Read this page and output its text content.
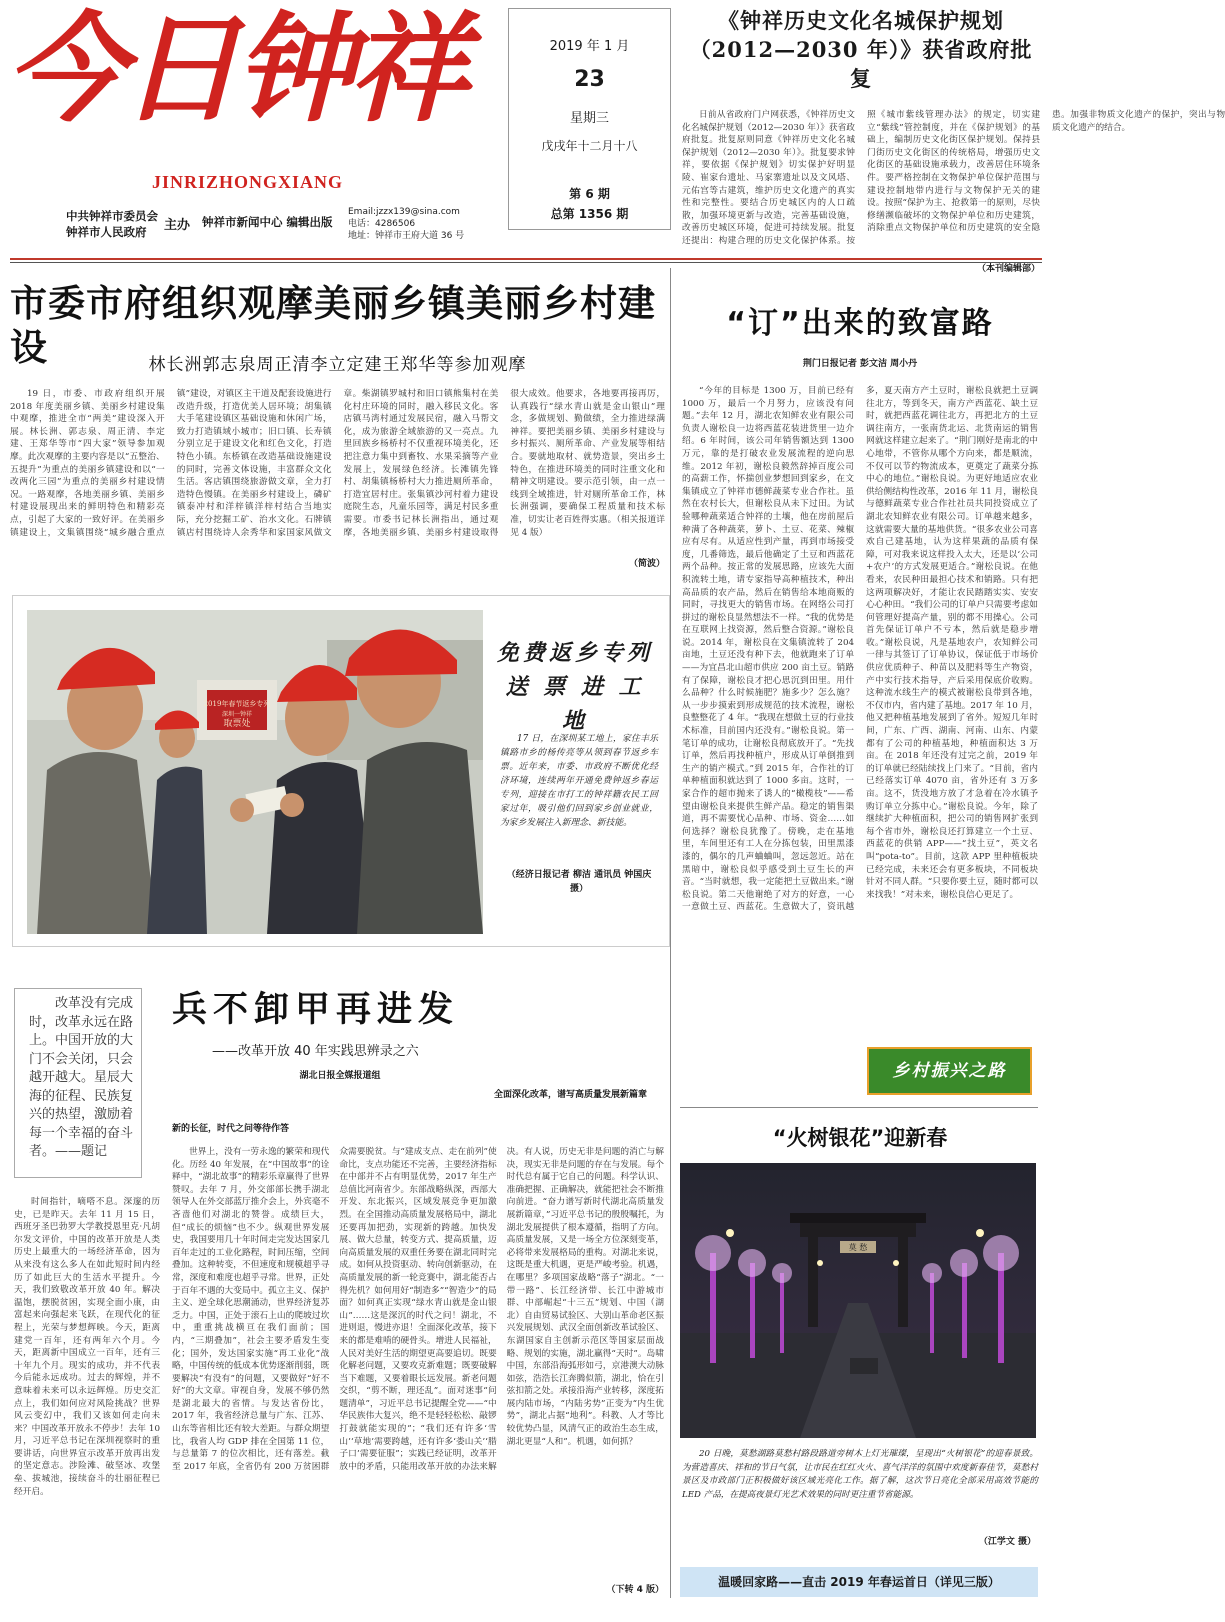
今日钟祥
JINRIZHONGXIANG
中共钟祥市委员会
钟祥市人民政府	主办 钟祥市新闻中心 编辑出版
Email:jzzx139@sina.com
电话：4286506
地址：钟祥市王府大道 36 号
2019 年 1 月
23
星期三
戊戌年十二月十八
第 6 期
总第 1356 期
《钟祥历史文化名城保护规划
（2012—2030 年）》获省政府批复
日前从省政府门户网获悉，《钟祥历史文化名城保护规划（2012—2030 年）》获省政府批复。批复原则同意《钟祥历史文化名城保护规划（2012—2030 年）》。批复要求钟祥，要依据《保护规划》切实保护好明显陵、崔家台遗址、马家寨遗址以及文风塔、元佑宫等古建筑，维护历史文化遗产的真实性和完整性。要结合历史城区内的人口疏散，加强环境更新与改造，完善基础设施，改善历史城区环境，促进可持续发展。批复还提出：构建合理的历史文化保护体系。按照《城市紫线管理办法》的规定，切实建立“紫线”管控制度，并在《保护规划》的基础上，编制历史文化街区保护规划。保持县门街历史文化街区的传统格局，增强历史文化街区的基础设施承载力，改善居住环境条件。要严格控制在文物保护单位保护范围与建设控制地带内进行与文物保护无关的建设。按照“保护为主、抢救第一的原则，尽快修缮濒临破坏的文物保护单位和历史建筑，消除重点文物保护单位和历史建筑的安全隐患。加强非物质文化遗产的保护，突出与物质文化遗产的结合。
（本刊编辑部）
市委市府组织观摩美丽乡镇美丽乡村建设	林长洲郭志泉周正清李立定建王郑华等参加观摩
19 日，市委、市政府组织开展 2018 年度美丽乡镇、美丽乡村建设集中观摩，推进全市“两美”建设深入开展。林长洲、郭志泉、周正清、李定建、王郑华等市“四大家”领导参加观摩。此次观摩的主要内容是以“五整治、五提升”为重点的美丽乡镇建设和以“一改两化三园”为重点的美丽乡村建设情况。一路观摩，各地美丽乡镇、美丽乡村建设展现出来的鲜明特色和精彩亮点，引起了大家的一致好评。在美丽乡镇建设上，文集镇围绕“城乡融合重点镇”建设，对镇区主干道及配套设施进行改造升级，打造优美人居环境；胡集镇大手笔建设镇区基础设施和休闲广场，致力打造镇域小城市；旧口镇、长寿镇分别立足于建设文化和红色文化，打造特色小镇。东桥镇在改造基础设施建设的同时，完善文体设施，丰富群众文化生活。客店镇围绕旅游做文章，全力打造特色慢镇。在美丽乡村建设上，磷矿镇泰冲村和洋梓镇洋梓村结合当地实际，充分挖掘工矿、治水文化。石牌镇镇店村围绕诗人余秀华和家国家风做文章。柴湖镇罗城村和旧口镇熊集村在美化村庄环境的同时，融入移民文化。客店镇马湾村通过发展民宿，融入马帮文化，成为旅游全域旅游的又一亮点。九里回族乡杨桥村不仅重视环境美化，还把注意力集中到畜牧、水果采摘等产业发展上，发展绿色经济。长滩镇先锋村、胡集镇杨桥村大力推进厕所革命，打造宜居村庄。张集镇沙河村着力建设庭院生态，凡童乐园等，满足村民多重需要。市委书记林长洲指出，通过观摩，各地美丽乡镇、美丽乡村建设取得很大成效。他要求，各地要再接再厉，认真践行“绿水青山就是金山银山”理念，多做规划、勤做绩，全力推进绿满神祥。要把美丽乡镇、美丽乡村建设与乡村振兴、厕所革命、产业发展等相结合。要就地取材、就势造景，突出乡土特色，在推进环境美的同时注重文化和精神文明建设。要示范引领，由一点一线到全域推进，针对厕所革命工作，林长洲强调，要确保工程质量和技术标准，切实让老百姓得实惠。（相关报道详见 4 版）
（简波）
2019年春节返乡专列
深圳一钟祥
取票处
免费返乡专列
送 票 进 工 地
17 日，在深圳某工地上，家住丰乐镇路市乡的杨传亮等从领到春节返乡车票。近年来，市委、市政府不断优化经济环境，连续两年开通免费钟返乡春运专列，迎接在市打工的钟祥籍农民工回家过年，吸引他们回到家乡创业就业，为家乡发展注入新理念、新技能。
（经济日报记者 柳洁 通讯员 钟国庆 摄）
改革没有完成时，改革永远在路上。中国开放的大门不会关闭，只会越开越大。星辰大海的征程、民族复兴的热望，激励着每一个幸福的奋斗者。——题记
兵不卸甲再进发
——改革开放 40 年实践思辨录之六
湖北日报全媒报道组
时间指针，嘀嗒不息。深邃的历史，已是昨天。去年 11 月 15 日，西班牙圣巴勃罗大学教授恩里克·凡胡尔发文评价，中国的改革开放是人类历史上最重大的一场经济革命，因为从来没有这么多人在如此短时间内经历了如此巨大的生活水平提升。今天，我们致敬改革开放 40 年。解决温饱，摆脱贫困，实现全面小康，由富起来向强起来飞跃，在现代化的征程上，光荣与梦想辉映。今天，距离建党一百年，还有两年六个月。今天，距离新中国成立一百年，还有三十年九个月。现实的成功，并不代表今后能永远成功。过去的辉煌，并不意味着未来可以永远辉煌。历史交汇点上，我们如何应对风险挑战？世界风云变幻中，我们又该如何走向未来？中国改革开放永不停步！去年 10 月，习近平总书记在深圳视察时的重要讲话，向世界宣示改革开放再出发的坚定意志。涉险滩、破坚冰、攻堡垒、拔城池，接续奋斗的壮丽征程已经开启。
新的长征，时代之问等待作答
全面深化改革，谱写高质量发展新篇章
世界上，没有一劳永逸的繁荣和现代化。历经 40 年发展，在“中国故事”的诠释中，“湖北故事”的精彩乐章赢得了世界赞叹。去年 7 月，外交部部长携手湖北领导人在外交部蓝厅推介会上，外宾毫不吝啬他们对湖北的赞誉。成绩巨大，但“成长的烦恼”也不少。纵观世界发展史，我国要用几十年时间走完发达国家几百年走过的工业化路程，时间压缩，空间叠加。这种转变，不但速度和规模超乎寻常，深度和难度也超乎寻常。世界，正处于百年不遇的大变局中。孤立主义、保护主义、逆全球化思潮涌动，世界经济复苏乏力。中国，正处于滚石上山的爬坡过坎中，重重挑战横亘在我们面前；国内，“三期叠加”，社会主要矛盾发生变化；国外，发达国家实施“再工业化”战略，中国传统的低成本优势逐渐削弱，既要解决“有没有”的问题，又要做好“好不好”的大文章。审视自身，发展不够仍然是湖北最大的省情。与发达省份比，2017 年，我省经济总量与广东、江苏、山东等省相比还有较大差距。与群众期望比，我省人均 GDP 排在全国第 11 位，与总量第 7 的位次相比，还有落差。截至 2017 年底，全省仍有 200 万贫困群众需要脱贫。与“建成支点、走在前列”使命比，支点功能还不完善，主要经济指标在中部并不占有明显优势，2017 年生产总值比河南省少。东部战略纵深，西部大开发、东北振兴，区域发展竞争更加激烈。在全国推动高质量发展格局中，湖北还要再加把劲，实现新的跨越。加快发展、做大总量，转变方式、提高质量，迈向高质量发展的双重任务要在湖北同时完成。如何从投资驱动、转向创新驱动，在高质量发展的新一轮竞赛中，湖北能否占得先机？如何用好“制造多”“智造少”的局面？如何真正实现“绿水青山就是金山银山”……这是深沉的时代之问！湖北，不进则退，慢进亦退！全面深化改革，接下来的都是难啃的硬骨头。增进人民福祉，人民对美好生活的期望更高要追切。既要化解老问题，又要攻克新难题；既要破解当下难题，又要着眼长远发展。新老问题交织，“剪不断，理还乱”。面对迷事“问题清单”，习近平总书记提醒全党——“中华民族伟大复兴，绝不是轻轻松松、敲锣打鼓就能实现的”；“我们还有许多‘雪山’‘草地’需要跨越，还有许多‘娄山关’‘腊子口’需要征服”；实践已经证明，改革开放中的矛盾，只能用改革开放的办法来解决。有人说，历史无非是问题的消亡与解决，现实无非是问题的存在与发展。每个时代总有属于它自己的问题。科学认识、准确把握、正确解决，就能把社会不断推向前进。“奋力谱写新时代湖北高质量发展新篇章，”习近平总书记的殷殷嘱托，为湖北发展提供了根本遵循，指明了方向。高质量发展，又是一场全方位深刻变革，必将带来发展格局的重构。对湖北来说，这既是重大机遇，更是严峻考验。机遇，在哪里？多项国家战略“落子”湖北。“一带一路”、长江经济带、长江中游城市群、中部崛起“十三五”规划、中国（湖北）自由贸易试验区、大别山革命老区振兴发展规划、武汉全面创新改革试验区、东湖国家自主创新示范区等国家层面战略、规划的实施，湖北赢得“天时”。岛啸中国，东部沿海弧形如弓，京港澳大动脉如弦，浩浩长江奔腾似箭，湖北，恰在引弦扣箭之处。承接沿海产业转移，深度拓展内陆市场，“内陆劣势”正变为“内生优势”，湖北占据“地利”。科教、人才等比较优势凸显，风清气正的政治生态生成，湖北更显“人和”。机遇，如何抓？
（下转 4 版）
“订”出来的致富路
荆门日报记者 彭文洁 周小丹
“今年的目标是 1300 万，目前已经有 1000 万，最后一个月努力，应该没有问题。”去年 12 月，湖北农知鲜农业有限公司负责人谢松良一边将西蓝花装进货里一边介绍。6 年时间，该公司年销售额达到 1300 万元，靠的是打破农业发展流程的逆向思维。2012 年初，谢松良毅然辞掉百度公司的高薪工作，怀揣创业梦想回到家乡，在文集镇成立了钟祥市德鲜蔬菜专业合作社。虽然在农村长大，但谢松良从未下过田。为试验哪种蔬菜适合钟祥的土壤，他在房前屋后种满了各种蔬菜，萝卜、土豆、花菜、辣椒应有尽有。从适应性到产量，再到市场接受度，几番筛选，最后他确定了土豆和西蓝花两个品种。按正常的发展思路，应该先大面积流转土地，请专家指导高种植技术，种出高品质的农产品，然后在销售给本地商贩的同时，寻找更大的销售市场。在网络公司打拼过的谢松良显然想法不一样。“我的优势是在互联网上找资源，然后整合资源。”谢松良说。2014 年，谢松良在文集镇流转了 204 亩地，土豆还没有种下去，他就跑来了订单——为宜昌北山超市供应 200 亩土豆。销路有了保障，谢松良才把心思沉到田里。用什么品种？什么时候施肥？施多少？怎么施？从一步步摸索到形成规范的技术流程，谢松良整整花了 4 年。“我现在想做土豆的行业技术标准，目前国内还没有。”谢松良说。第一笔订单的成功，让谢松良彻底放开了。“先找订单，然后再找种植户，形成从订单倒推到生产的销产模式。”到 2015 年，合作社的订单种植面积就达到了 1000 多亩。这时，一家合作的超市抛来了诱人的“橄榄枝”——希望由谢松良来提供生鲜产品。稳定的销售渠道，再不需要忧心品种、市场、资金……如何选择？谢松良犹豫了。傍晚，走在基地里，车间里还有工人在分拣包装，田里黑漆漆的，偶尔的几声蛐蛐叫，忽远忽近。站在黑暗中，谢松良似乎感受到土豆生长的声音。“当时就想，我一定能把土豆做出来。”谢松良说。第二天他谢绝了对方的好意，一心一意做土豆、西蓝花。生意做大了，资讯越多，夏天南方产土豆时，谢松良就把土豆调往北方，等到冬天，南方产西蓝花、缺土豆时，就把西蓝花调往北方，再把北方的土豆调往南方，一张南货北运、北货南运的销售网就这样建立起来了。“荆门刚好是南北的中心地带，不管你从哪个方向来，都是顺流，不仅可以节约物流成本，更奠定了蔬菜分拣中心的地位。”谢松良说。为更好地适应农业供给侧结构性改革，2016 年 11 月，谢松良与德鲜蔬菜专业合作社社员共同投资成立了湖北农知鲜农业有限公司。订单越来越多，这就需要大量的基地供货。“很多农业公司喜欢自己建基地，认为这样果蔬的品质有保障，可对我来说这样投入太大，还是以‘公司+农户’的方式发展更适合。”谢松良说。在他看来，农民种田最担心技术和销路。只有把这两项解决好，才能让农民踏踏实实、安安心心种田。“我们公司的订单户只需要考虑如何管理好提高产量，别的都不用操心。公司首先保证订单户不亏本，然后就是稳步增收。”谢松良说，凡是基地农户，农知鲜公司一律与其签订了订单协议，保证低于市场价供应优质种子、种苗以及肥料等生产物资，产中实行技术指导，产后采用保底价收购。这种流水线生产的模式被谢松良带到各地，不仅市内，省内建了基地。2017 年 10 月，他又把种植基地发展到了省外。短短几年时间，广东、广西、湖南、河南、山东、内蒙都有了公司的种植基地，种植面积达 3 万亩。在 2018 年还没有过完之前，2019 年的订单就已经陆续找上门来了。“目前，省内已经落实订单 4070 亩，省外还有 3 万多亩。这不，货没地方放了才急着在冷水镇予购订单立分拣中心。”谢松良说。今年，除了继续扩大种植面积，把公司的销售网扩张到每个省市外，谢松良还打算建立一个土豆、西蓝花的供销 APP——“找土豆”，英文名叫“pota-to”。目前，这款 APP 里种植板块已经完成，未来还会有更多板块，不同板块针对不同人群。“只要你要土豆，随时都可以来找我！”对未来，谢松良信心更足了。
乡村振兴之路
“火树银花”迎新春
莫 愁
20 日晚，莫愁湖路莫愁村路段路道旁树木上灯光璀璨，呈现出“火树银花”的迎春景致。为营造喜庆、祥和的节日气氛，让市民在红红火火、喜气洋洋的氛围中欢度新春佳节，莫愁村景区及市政部门正积极做好该区域光亮化工作。据了解，这次节日亮化全部采用高效节能的 LED 产品，在提高夜景灯光艺术效果的同时更注重节省能源。
（江学文 摄）
温暖回家路——直击 2019 年春运首日（详见三版）
